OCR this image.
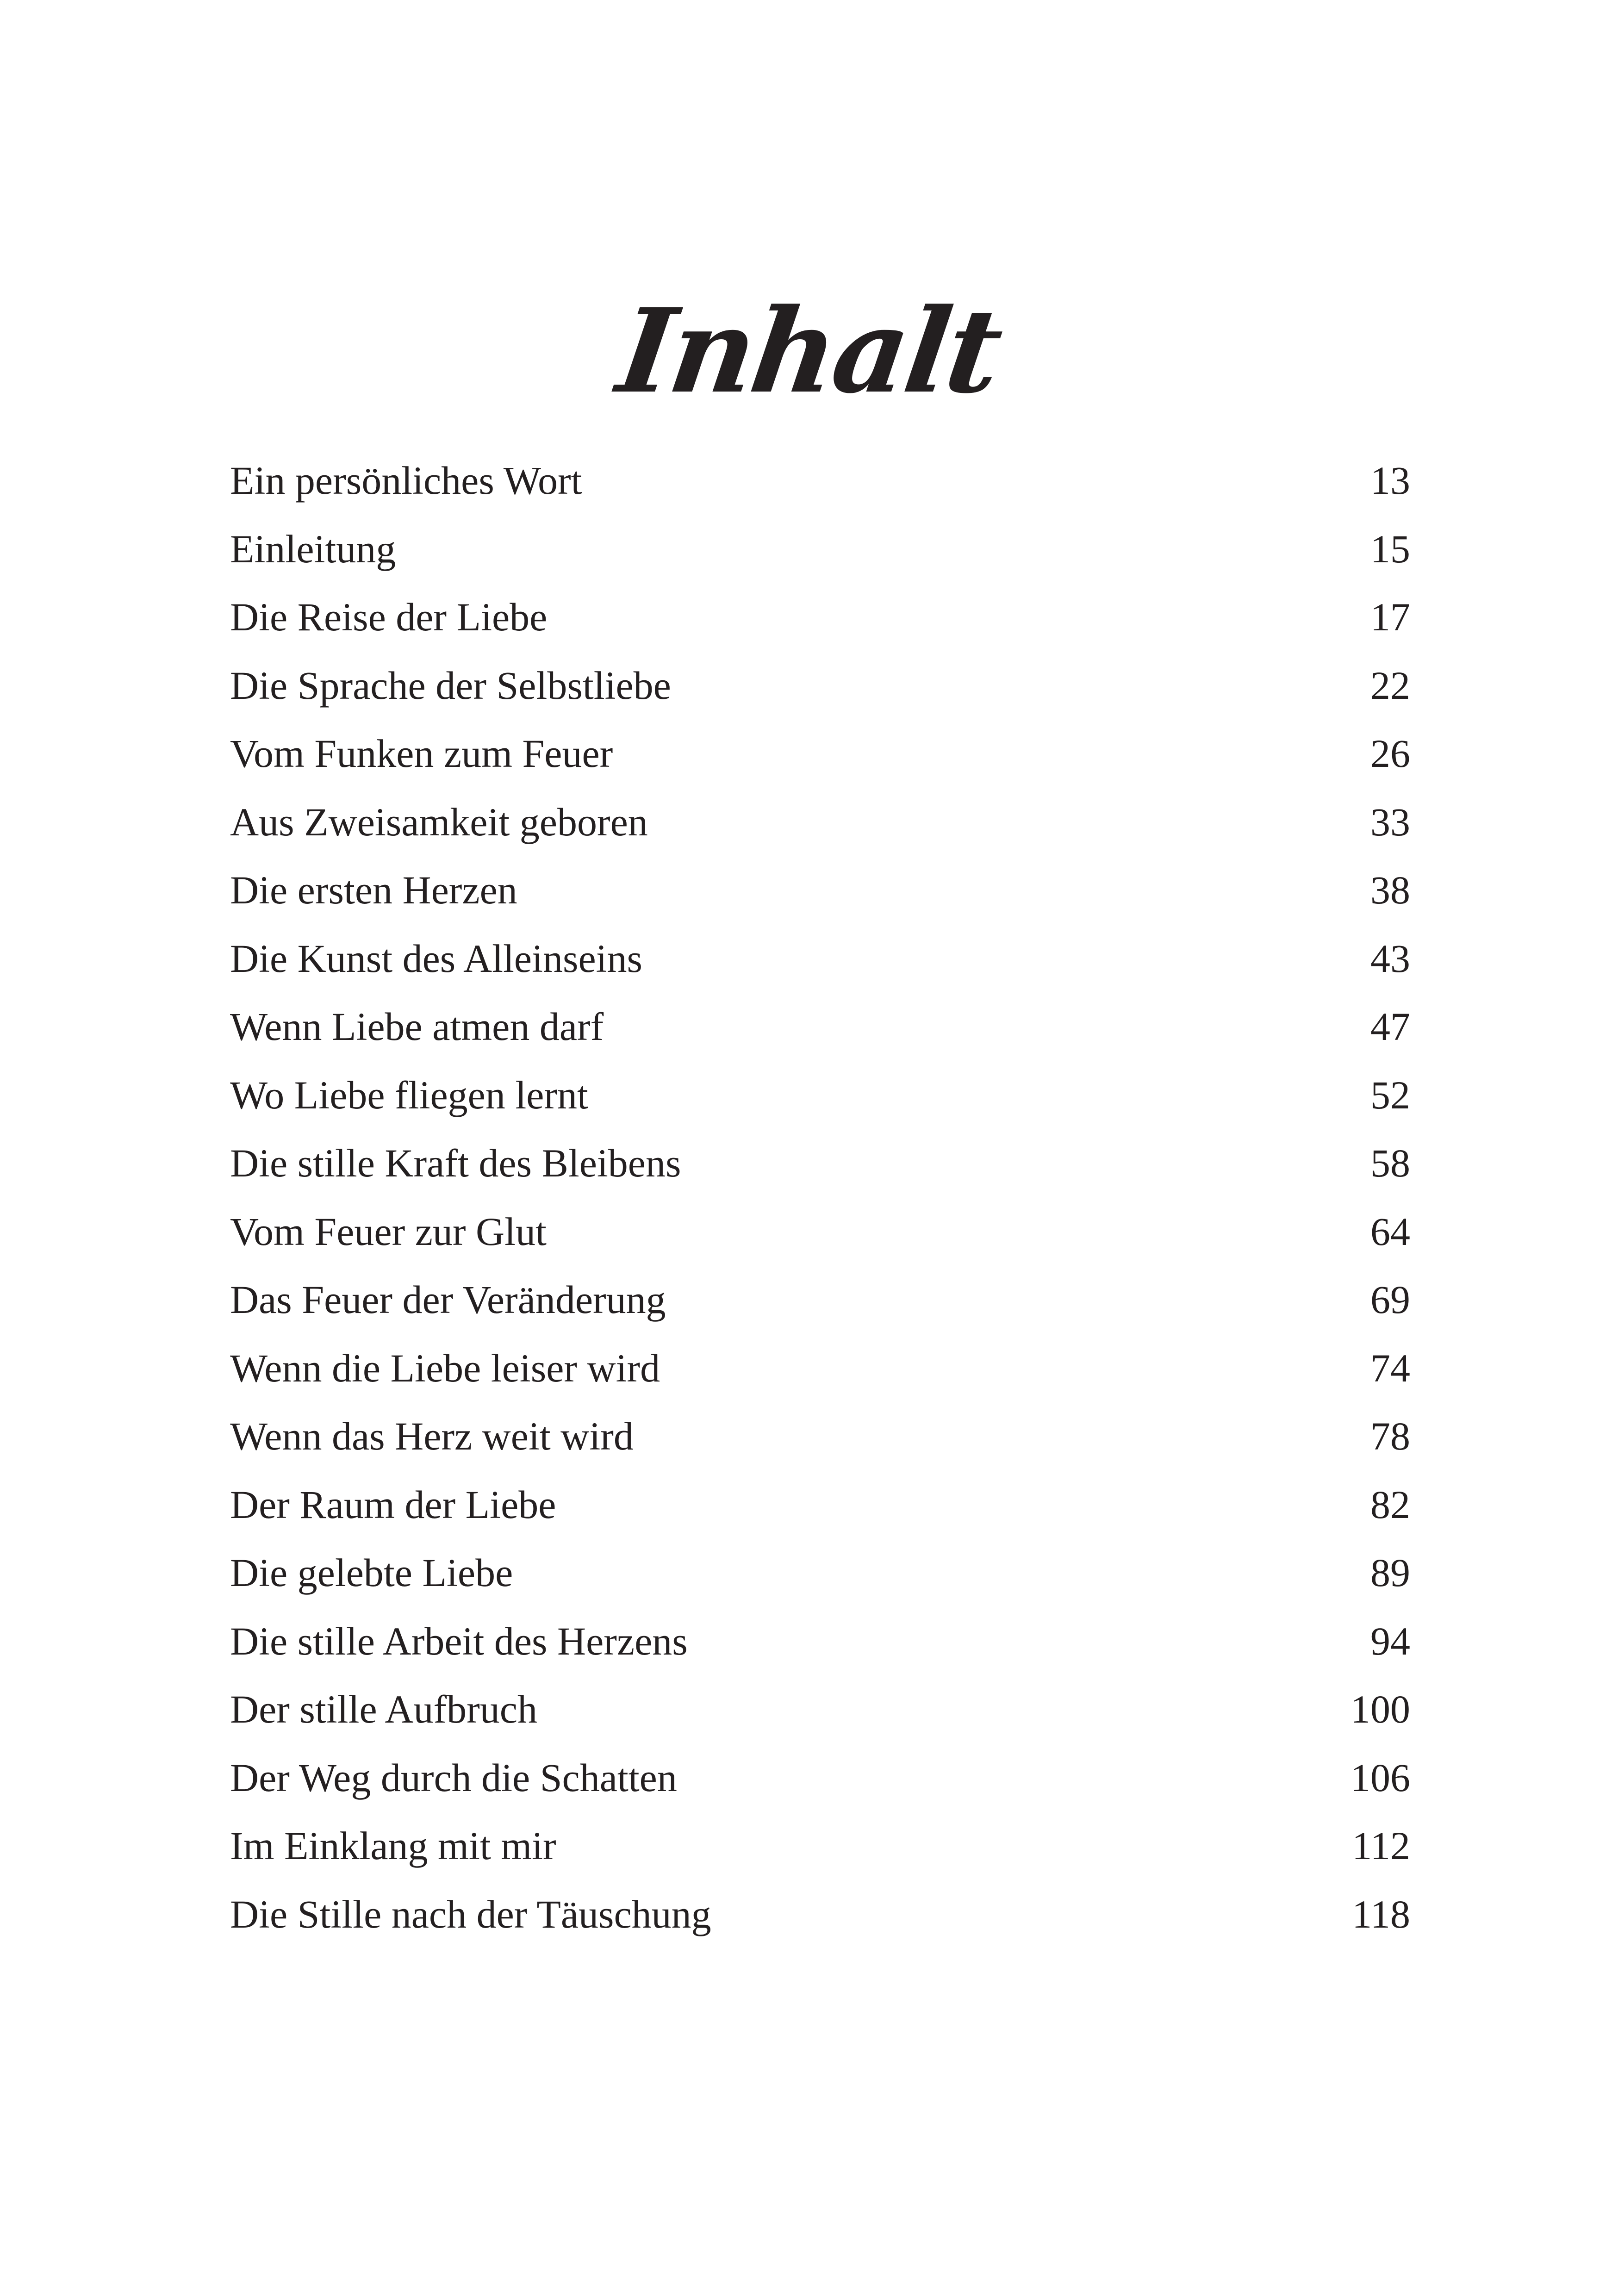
Inhalt
Ein persönliches Wort	13
Einleitung	15
Die Reise der Liebe	17
Die Sprache der Selbstliebe	22
Vom Funken zum Feuer	26
Aus Zweisamkeit geboren	33
Die ersten Herzen	38
Die Kunst des Alleinseins	43
Wenn Liebe atmen darf	47
Wo Liebe fliegen lernt	52
Die stille Kraft des Bleibens	58
Vom Feuer zur Glut	64
Das Feuer der Veränderung	69
Wenn die Liebe leiser wird	74
Wenn das Herz weit wird	78
Der Raum der Liebe	82
Die gelebte Liebe	89
Die stille Arbeit des Herzens	94
Der stille Aufbruch	100
Der Weg durch die Schatten	106
Im Einklang mit mir	112
Die Stille nach der Täuschung	118
